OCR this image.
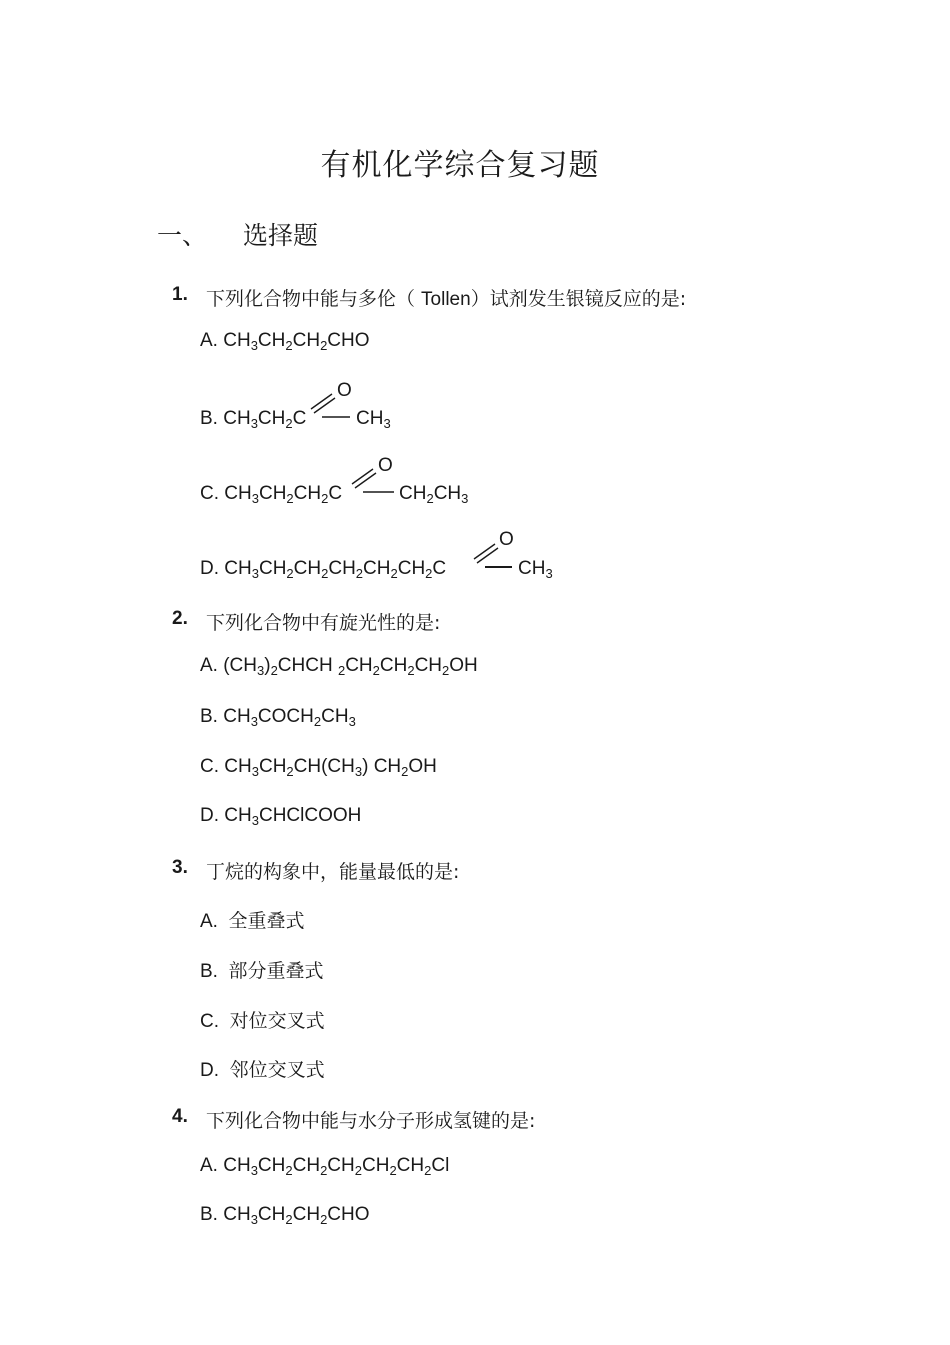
有机化学综合复习题
一、 选择题
1. 下列化合物中能与多伦（ Tollen）试剂发生银镜反应的是:
A. $CH_3CH_2CH_2CHO$
B. $CH_3CH_2C$
O
$CH_3$
C. $CH_3CH_2CH_2C$
O
$CH_2CH_3$
D. $CH_3CH_2CH_2CH_2CH_2CH_2C$
O
$CH_3$
2. 下列化合物中有旋光性的是:
A. $(CH_3)_2CHCH$ $_2CH_2CH_2CH_2OH$
B. $CH_3COCH_2CH_3$
C. $CH_3CH_2CH(CH_3)$ $CH_2OH$
D. $CH_3CHClCOOH$
3. 丁烷的构象中，能量最低的是:
A. 全重叠式
B. 部分重叠式
C. 对位交叉式
D. 邻位交叉式
4. 下列化合物中能与水分子形成氢键的是:
A. $CH_3CH_2CH_2CH_2CH_2CH_2Cl$
B. $CH_3CH_2CH_2CHO$
